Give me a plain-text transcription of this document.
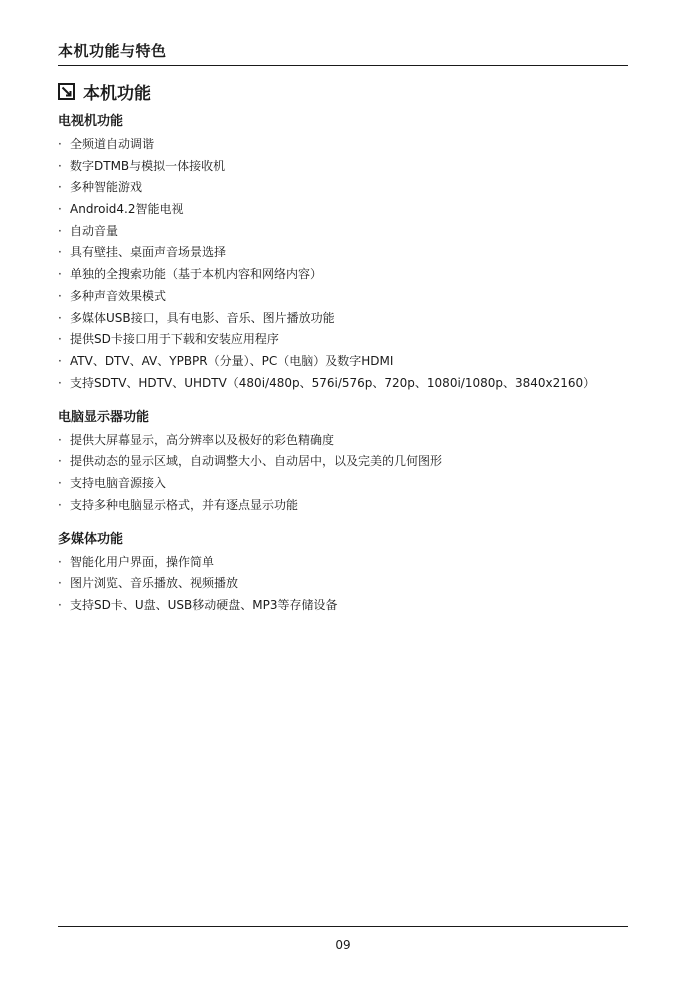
本机功能与特色
本机功能
电视机功能
· 全频道自动调谐
· 数字DTMB与模拟一体接收机
· 多种智能游戏
· Android4.2智能电视
· 自动音量
· 具有壁挂、桌面声音场景选择
· 单独的全搜索功能（基于本机内容和网络内容）
· 多种声音效果模式
· 多媒体USB接口，具有电影、音乐、图片播放功能
· 提供SD卡接口用于下载和安装应用程序
· ATV、DTV、AV、YPBPR（分量）、PC（电脑）及数字HDMI
· 支持SDTV、HDTV、UHDTV（480i/480p、576i/576p、720p、1080i/1080p、3840x2160）
电脑显示器功能
· 提供大屏幕显示，高分辨率以及极好的彩色精确度
· 提供动态的显示区域，自动调整大小、自动居中，以及完美的几何图形
· 支持电脑音源接入
· 支持多种电脑显示格式，并有逐点显示功能
多媒体功能
· 智能化用户界面，操作简单
· 图片浏览、音乐播放、视频播放
· 支持SD卡、U盘、USB移动硬盘、MP3等存储设备
09
